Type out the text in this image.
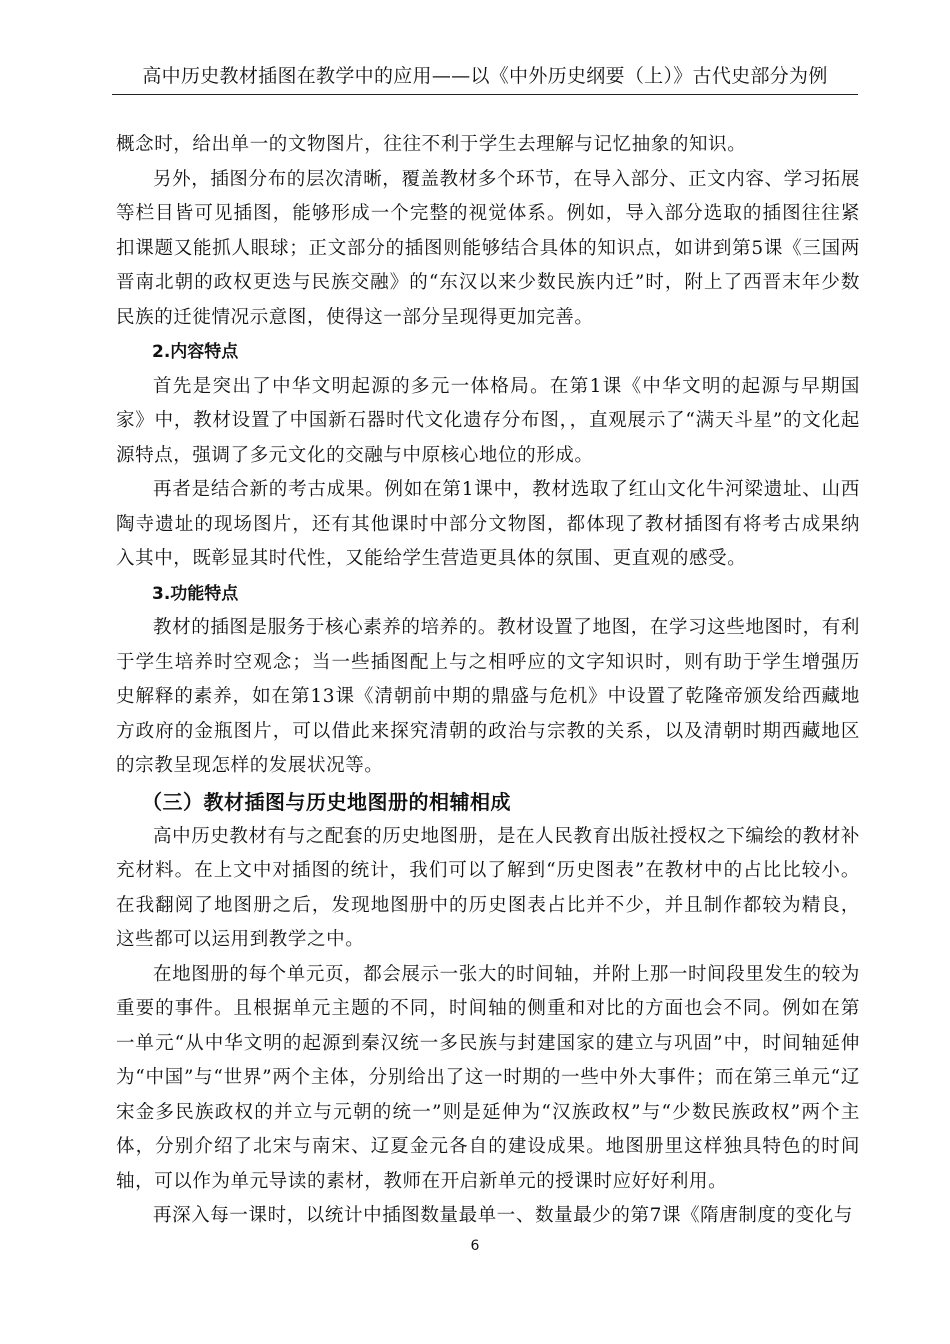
高中历史教材插图在教学中的应用——以《中外历史纲要（上）》古代史部分为例

概念时，给出单一的文物图片，往往不利于学生去理解与记忆抽象的知识。

另外，插图分布的层次清晰，覆盖教材多个环节，在导入部分、正文内容、学习拓展等栏目皆可见插图，能够形成一个完整的视觉体系。例如，导入部分选取的插图往往紧扣课题又能抓人眼球；正文部分的插图则能够结合具体的知识点，如讲到第5课《三国两晋南北朝的政权更迭与民族交融》的“东汉以来少数民族内迁”时，附上了西晋末年少数民族的迁徙情况示意图，使得这一部分呈现得更加完善。

2.内容特点

首先是突出了中华文明起源的多元一体格局。在第1课《中华文明的起源与早期国家》中，教材设置了中国新石器时代文化遗存分布图，，直观展示了“满天斗星”的文化起源特点，强调了多元文化的交融与中原核心地位的形成。

再者是结合新的考古成果。例如在第1课中，教材选取了红山文化牛河梁遗址、山西陶寺遗址的现场图片，还有其他课时中部分文物图，都体现了教材插图有将考古成果纳入其中，既彰显其时代性，又能给学生营造更具体的氛围、更直观的感受。

3.功能特点

教材的插图是服务于核心素养的培养的。教材设置了地图，在学习这些地图时，有利于学生培养时空观念；当一些插图配上与之相呼应的文字知识时，则有助于学生增强历史解释的素养，如在第13课《清朝前中期的鼎盛与危机》中设置了乾隆帝颁发给西藏地方政府的金瓶图片，可以借此来探究清朝的政治与宗教的关系，以及清朝时期西藏地区的宗教呈现怎样的发展状况等。

（三）教材插图与历史地图册的相辅相成

高中历史教材有与之配套的历史地图册，是在人民教育出版社授权之下编绘的教材补充材料。在上文中对插图的统计，我们可以了解到“历史图表”在教材中的占比比较小。在我翻阅了地图册之后，发现地图册中的历史图表占比并不少，并且制作都较为精良，这些都可以运用到教学之中。

在地图册的每个单元页，都会展示一张大的时间轴，并附上那一时间段里发生的较为重要的事件。且根据单元主题的不同，时间轴的侧重和对比的方面也会不同。例如在第一单元“从中华文明的起源到秦汉统一多民族与封建国家的建立与巩固”中，时间轴延伸为“中国”与“世界”两个主体，分别给出了这一时期的一些中外大事件；而在第三单元“辽宋金多民族政权的并立与元朝的统一”则是延伸为“汉族政权”与“少数民族政权”两个主体，分别介绍了北宋与南宋、辽夏金元各自的建设成果。地图册里这样独具特色的时间轴，可以作为单元导读的素材，教师在开启新单元的授课时应好好利用。

再深入每一课时，以统计中插图数量最单一、数量最少的第7课《隋唐制度的变化与

6
